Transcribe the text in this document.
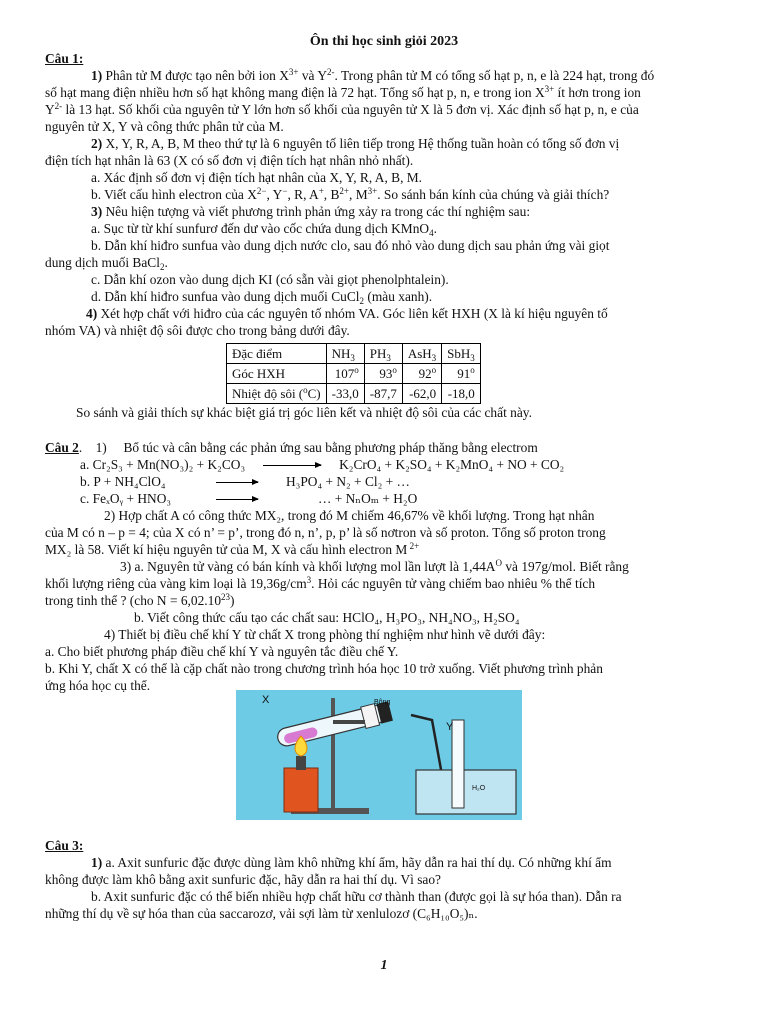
Ôn thi học sinh giỏi 2023
Câu 1:
1) Phân tử M được tạo nên bởi ion $X^{3+}$ và $Y^{2-}$. Trong phân tử M có tổng số hạt p, n, e là 224 hạt, trong đó
số hạt mang điện nhiều hơn số hạt không mang điện là 72 hạt. Tổng số hạt p, n, e trong ion $X^{3+}$ ít hơn trong ion
$Y^{2-}$ là 13 hạt. Số khối của nguyên tử Y lớn hơn số khối của nguyên tử X là 5 đơn vị. Xác định số hạt p, n, e của
nguyên tử X, Y và công thức phân tử của M.
2) X, Y, R, A, B, M theo thứ tự là 6 nguyên tố liên tiếp trong Hệ thống tuần hoàn có tổng số đơn vị
điện tích hạt nhân là 63 (X có số đơn vị điện tích hạt nhân nhỏ nhất).
a. Xác định số đơn vị điện tích hạt nhân của X, Y, R, A, B, M.
b. Viết cấu hình electron của $X^{2-}$, Y−, R, A+, $B^{2+}$, $M^{3+}$. So sánh bán kính của chúng và giải thích?
3) Nêu hiện tượng và viết phương trình phản ứng xảy ra trong các thí nghiệm sau:
a. Sục từ từ khí sunfurơ đến dư vào cốc chứa dung dịch KMnO$_4$.
b. Dẫn khí hiđro sunfua vào dung dịch nước clo, sau đó nhỏ vào dung dịch sau phản ứng vài giọt
dung dịch muối BaCl$_2$.
c. Dẫn khí ozon vào dung dịch KI (có sẵn vài giọt phenolphtalein).
d. Dẫn khí hiđro sunfua vào dung dịch muối CuCl$_2$ (màu xanh).
4) Xét hợp chất với hiđro của các nguyên tố nhóm VA. Góc liên kết HXH (X là kí hiệu nguyên tố
nhóm VA) và nhiệt độ sôi được cho trong bảng dưới đây.
Đặc điểm	$NH_3$	$PH_3$	AsH$_3$	SbH$_3$
Góc HXH	107$^o$	93$^o$	92$^o$	91$^o$
Nhiệt độ sôi ($^o$C)	-33,0	-87,7	-62,0	-18,0
So sánh và giải thích sự khác biệt giá trị góc liên kết và nhiệt độ sôi của các chất này.
Câu 2.    1)     Bổ túc và cân bằng các phản ứng sau bằng phương pháp thăng bằng electrom
a. Cr₂S₃ + Mn(NO₃)₂ + K₂CO₃	K₂CrO₄ + K₂SO₄ + K₂MnO₄ + NO + CO₂
b. P + NH₄ClO₄	H₃PO₄ + N₂ + Cl₂ + …
c. FeₓOᵧ + HNO₃	… + NₙOₘ + H₂O
2) Hợp chất A có công thức MX₂, trong đó M chiếm 46,67% về khối lượng. Trong hạt nhân
của M có n – p = 4; của X có n’ = p’, trong đó n, n’, p, p’ là số nơtron và số proton. Tổng số proton trong
MX₂ là 58. Viết kí hiệu nguyên tử của M, X và cấu hình electron M $^{2+}$
3) a. Nguyên tử vàng có bán kính và khối lượng mol lần lượt là $1,44A^O$ và 197g/mol. Biết rằng
khối lượng riêng của vàng kim loại là $19,36g/cm^3$. Hỏi các nguyên tử vàng chiếm bao nhiêu % thể tích
trong tinh thể ? (cho $N = 6,02.10^{23}$)
b. Viết công thức cấu tạo các chất sau: HClO₄, H₃PO₃, NH₄NO₃, H₂SO₄
4) Thiết bị điều chế khí Y từ chất X trong phòng thí nghiệm như hình vẽ dưới đây:
a. Cho biết phương pháp điều chế khí Y và nguyên tắc điều chế Y.
b. Khi Y, chất X có thể là cặp chất nào trong chương trình hóa học 10 trở xuống. Viết phương trình phản
ứng hóa học cụ thể.
X	Bông
Y
H₂O
Câu 3:
1) a. Axit sunfuric đặc được dùng làm khô những khí ẩm, hãy dẫn ra hai thí dụ. Có những khí ẩm
không được làm khô bằng axit sunfuric đặc, hãy dẫn ra hai thí dụ. Vì sao?
b. Axit sunfuric đặc có thể biến nhiều hợp chất hữu cơ thành than (được gọi là sự hóa than). Dẫn ra
những thí dụ về sự hóa than của saccarozơ, vải sợi làm từ xenlulozơ (C₆H₁₀O₅)ₙ.
1
